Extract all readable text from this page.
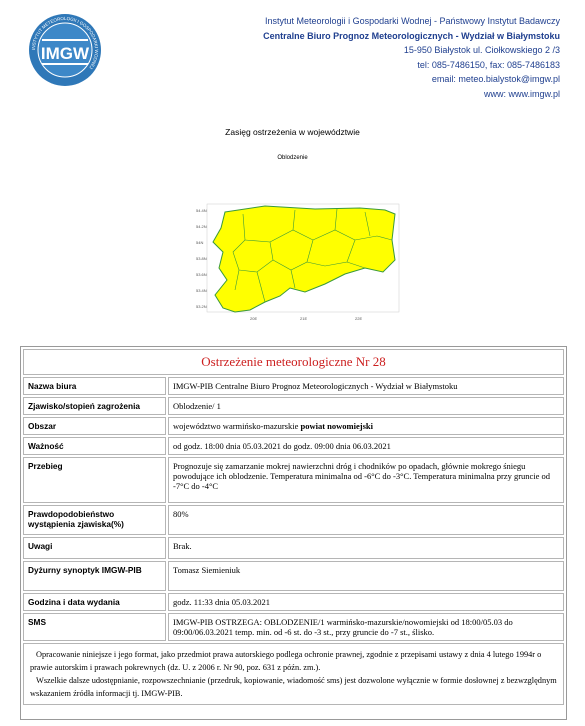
INSTYTUT METEOROLOGII I GOSPODARKI WODNEJ
IMGW
Instytut Meteorologii i Gospodarki Wodnej - Państwowy Instytut Badawczy
Centralne Biuro Prognoz Meteorologicznych - Wydział w Białymstoku
15-950 Białystok ul. Ciołkowskiego 2 /3
tel: 085-7486150, fax: 085-7486183
email: meteo.bialystok@imgw.pl
www: www.imgw.pl
Zasięg ostrzeżenia w województwie
Oblodzenie
54.4N
54.2N
54N
53.8N
53.6N
53.4N
53.2N
20E	21E	22E
Ostrzeżenie meteorologiczne Nr 28	
Nazwa biura	IMGW-PIB Centralne Biuro Prognoz Meteorologicznych - Wydział w Białymstoku
Zjawisko/stopień zagrożenia	Oblodzenie/ 1
Obszar	województwo warmińsko-mazurskie powiat nowomiejski
Ważność	od godz. 18:00 dnia 05.03.2021 do godz. 09:00 dnia 06.03.2021
Przebieg	Prognozuje się zamarzanie mokrej nawierzchni dróg i chodników po opadach, głównie mokrego śniegu powodujące ich oblodzenie. Temperatura minimalna od -6°C do -3°C. Temperatura minimalna przy gruncie od -7°C do -4°C
Prawdopodobieństwo wystąpienia zjawiska(%)	80%
Uwagi	Brak.
Dyżurny synoptyk IMGW-PIB	Tomasz Siemieniuk
Godzina i data wydania	godz. 11:33 dnia 05.03.2021
SMS	IMGW-PIB OSTRZEGA: OBLODZENIE/1 warmińsko-mazurskie/nowomiejski od 18:00/05.03 do 09:00/06.03.2021 temp. min. od -6 st. do -3 st., przy gruncie do -7 st., ślisko.

Opracowanie niniejsze i jego format, jako przedmiot prawa autorskiego podlega ochronie prawnej, zgodnie z przepisami ustawy z dnia 4 lutego 1994r o prawie autorskim i prawach pokrewnych (dz. U. z 2006 r. Nr 90, poz. 631 z późn. zm.).
Wszelkie dalsze udostępnianie, rozpowszechnianie (przedruk, kopiowanie, wiadomość sms) jest dozwolone wyłącznie w formie dosłownej z bezwzględnym wskazaniem źródła informacji tj. IMGW-PIB.	
